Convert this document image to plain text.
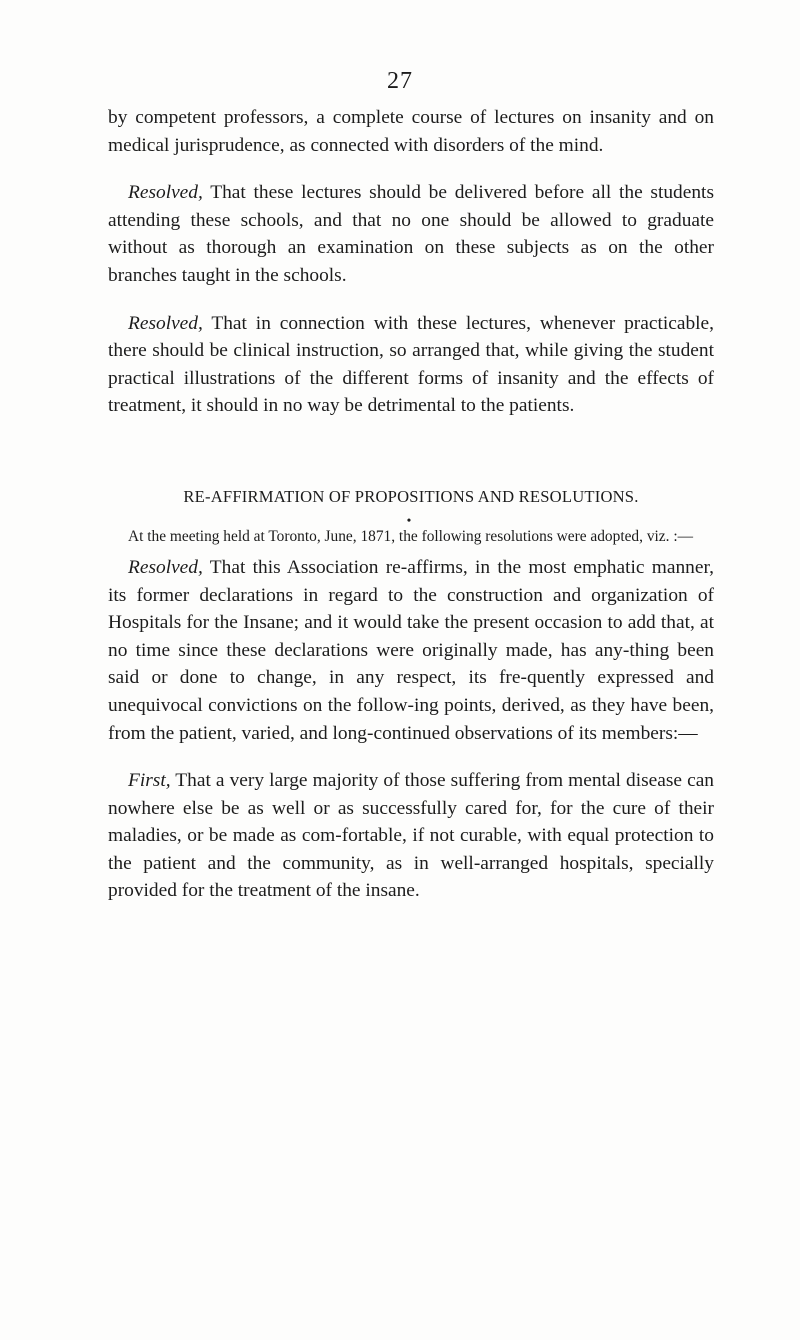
27

by competent professors, a complete course of lectures on insanity and on medical jurisprudence, as connected with disorders of the mind.

Resolved, That these lectures should be delivered before all the students attending these schools, and that no one should be allowed to graduate without as thorough an examination on these subjects as on the other branches taught in the schools.

Resolved, That in connection with these lectures, whenever practicable, there should be clinical instruction, so arranged that, while giving the student practical illustrations of the different forms of insanity and the effects of treatment, it should in no way be detrimental to the patients.

RE-AFFIRMATION OF PROPOSITIONS AND RESOLUTIONS.
•

At the meeting held at Toronto, June, 1871, the following resolutions were adopted, viz. :—

Resolved, That this Association re-affirms, in the most emphatic manner, its former declarations in regard to the construction and organization of Hospitals for the Insane; and it would take the present occasion to add that, at no time since these declarations were originally made, has any-thing been said or done to change, in any respect, its fre-quently expressed and unequivocal convictions on the follow-ing points, derived, as they have been, from the patient, varied, and long-continued observations of its members:—

First, That a very large majority of those suffering from mental disease can nowhere else be as well or as successfully cared for, for the cure of their maladies, or be made as com-fortable, if not curable, with equal protection to the patient and the community, as in well-arranged hospitals, specially provided for the treatment of the insane.
